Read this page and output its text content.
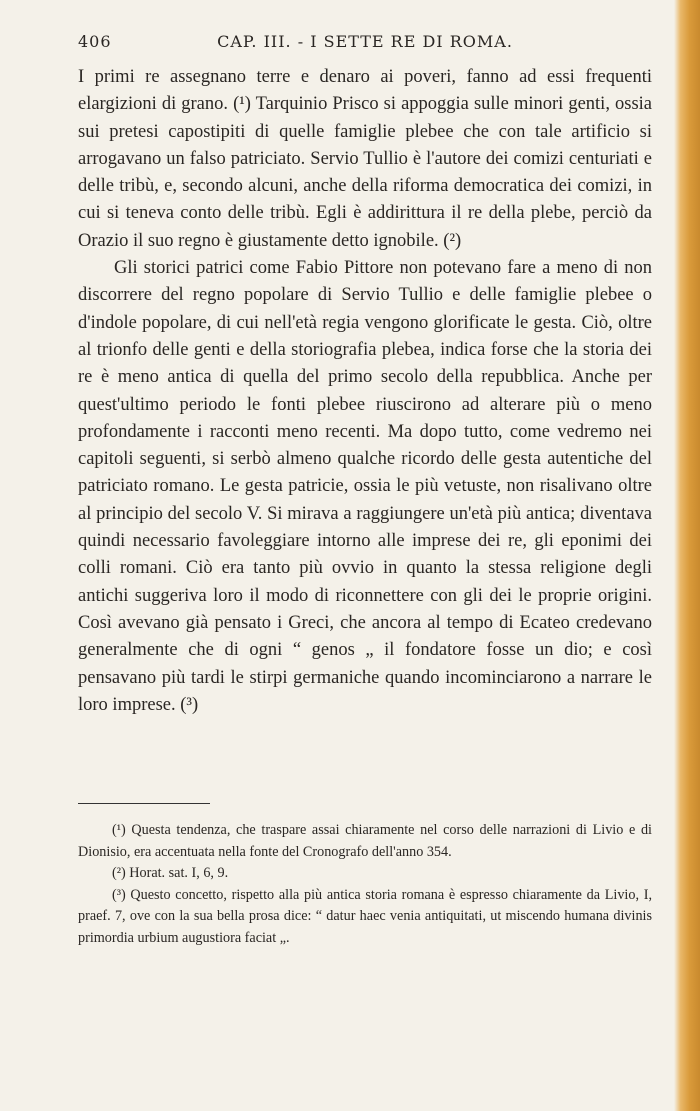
406	CAP. III. - I SETTE RE DI ROMA.

I primi re assegnano terre e denaro ai poveri, fanno ad essi frequenti elargizioni di grano. (¹) Tarquinio Prisco si appoggia sulle minori genti, ossia sui pretesi capostipiti di quelle famiglie plebee che con tale artificio si arrogavano un falso patriciato. Servio Tullio è l'autore dei comizi centuriati e delle tribù, e, secondo alcuni, anche della riforma democratica dei comizi, in cui si teneva conto delle tribù. Egli è addirittura il re della plebe, perciò da Orazio il suo regno è giustamente detto ignobile. (²)

Gli storici patrici come Fabio Pittore non potevano fare a meno di non discorrere del regno popolare di Servio Tullio e delle famiglie plebee o d'indole popolare, di cui nell'età regia vengono glorificate le gesta. Ciò, oltre al trionfo delle genti e della storiografia plebea, indica forse che la storia dei re è meno antica di quella del primo secolo della repubblica. Anche per quest'ultimo periodo le fonti plebee riuscirono ad alterare più o meno profondamente i racconti meno recenti. Ma dopo tutto, come vedremo nei capitoli seguenti, si serbò almeno qualche ricordo delle gesta autentiche del patriciato romano. Le gesta patricie, ossia le più vetuste, non risalivano oltre al principio del secolo V. Si mirava a raggiungere un'età più antica; diventava quindi necessario favoleggiare intorno alle imprese dei re, gli eponimi dei colli romani. Ciò era tanto più ovvio in quanto la stessa religione degli antichi suggeriva loro il modo di riconnettere con gli dei le proprie origini. Così avevano già pensato i Greci, che ancora al tempo di Ecateo credevano generalmente che di ogni “ genos „ il fondatore fosse un dio; e così pensavano più tardi le stirpi germaniche quando incominciarono a narrare le loro imprese. (³)

(¹) Questa tendenza, che traspare assai chiaramente nel corso delle narrazioni di Livio e di Dionisio, era accentuata nella fonte del Cronografo dell'anno 354.

(²) Horat. sat. I, 6, 9.

(³) Questo concetto, rispetto alla più antica storia romana è espresso chiaramente da Livio, I, praef. 7, ove con la sua bella prosa dice: “ datur haec venia antiquitati, ut miscendo humana divinis primordia urbium augustiora faciat „.
